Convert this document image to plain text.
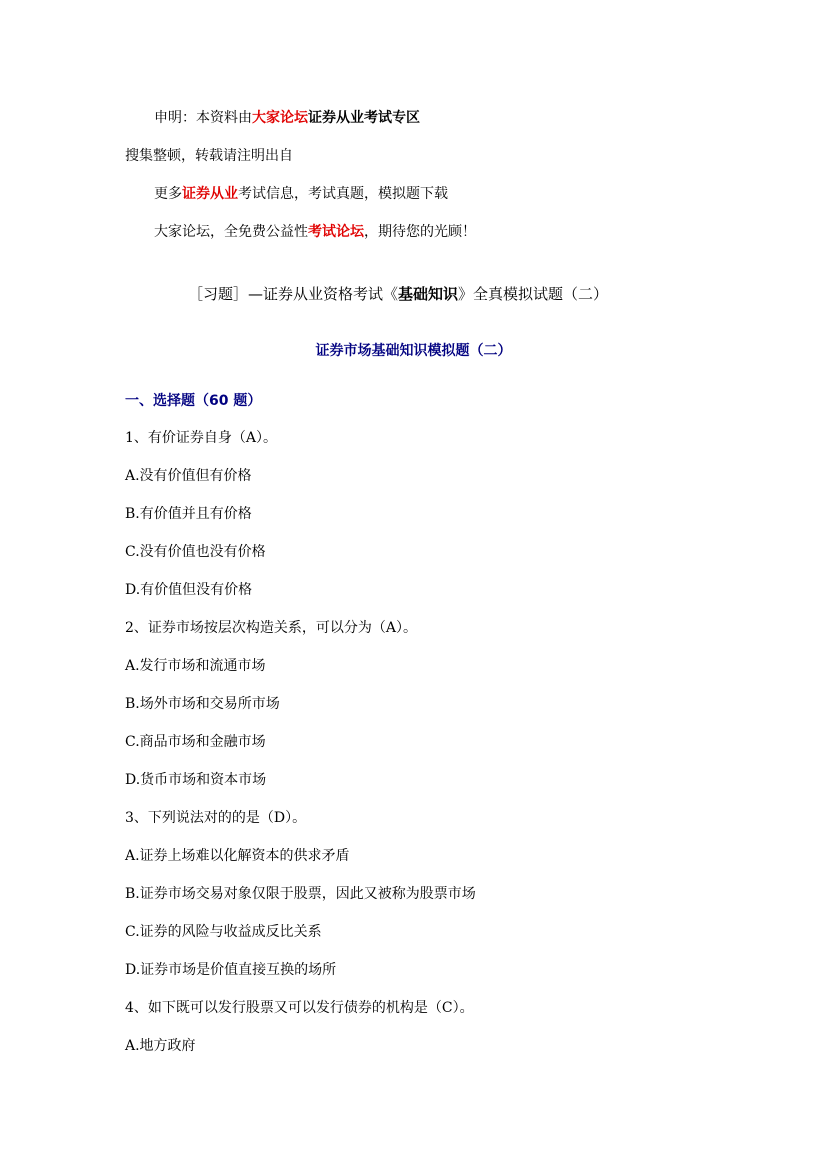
申明：本资料由大家论坛证券从业考试专区
搜集整顿，转载请注明出自
更多证券从业考试信息，考试真题，模拟题下载
大家论坛，全免费公益性考试论坛，期待您的光顾！
［习题］—证券从业资格考试《基础知识》全真模拟试题（二）
证券市场基础知识模拟题（二）
一、选择题（60 题）
1、有价证券自身（A）。
A.没有价值但有价格
B.有价值并且有价格
C.没有价值也没有价格
D.有价值但没有价格
2、证券市场按层次构造关系，可以分为（A）。
A.发行市场和流通市场
B.场外市场和交易所市场
C.商品市场和金融市场
D.货币市场和资本市场
3、下列说法对的的是（D）。
A.证券上场难以化解资本的供求矛盾
B.证券市场交易对象仅限于股票，因此又被称为股票市场
C.证券的风险与收益成反比关系
D.证券市场是价值直接互换的场所
4、如下既可以发行股票又可以发行债券的机构是（C）。
A.地方政府
